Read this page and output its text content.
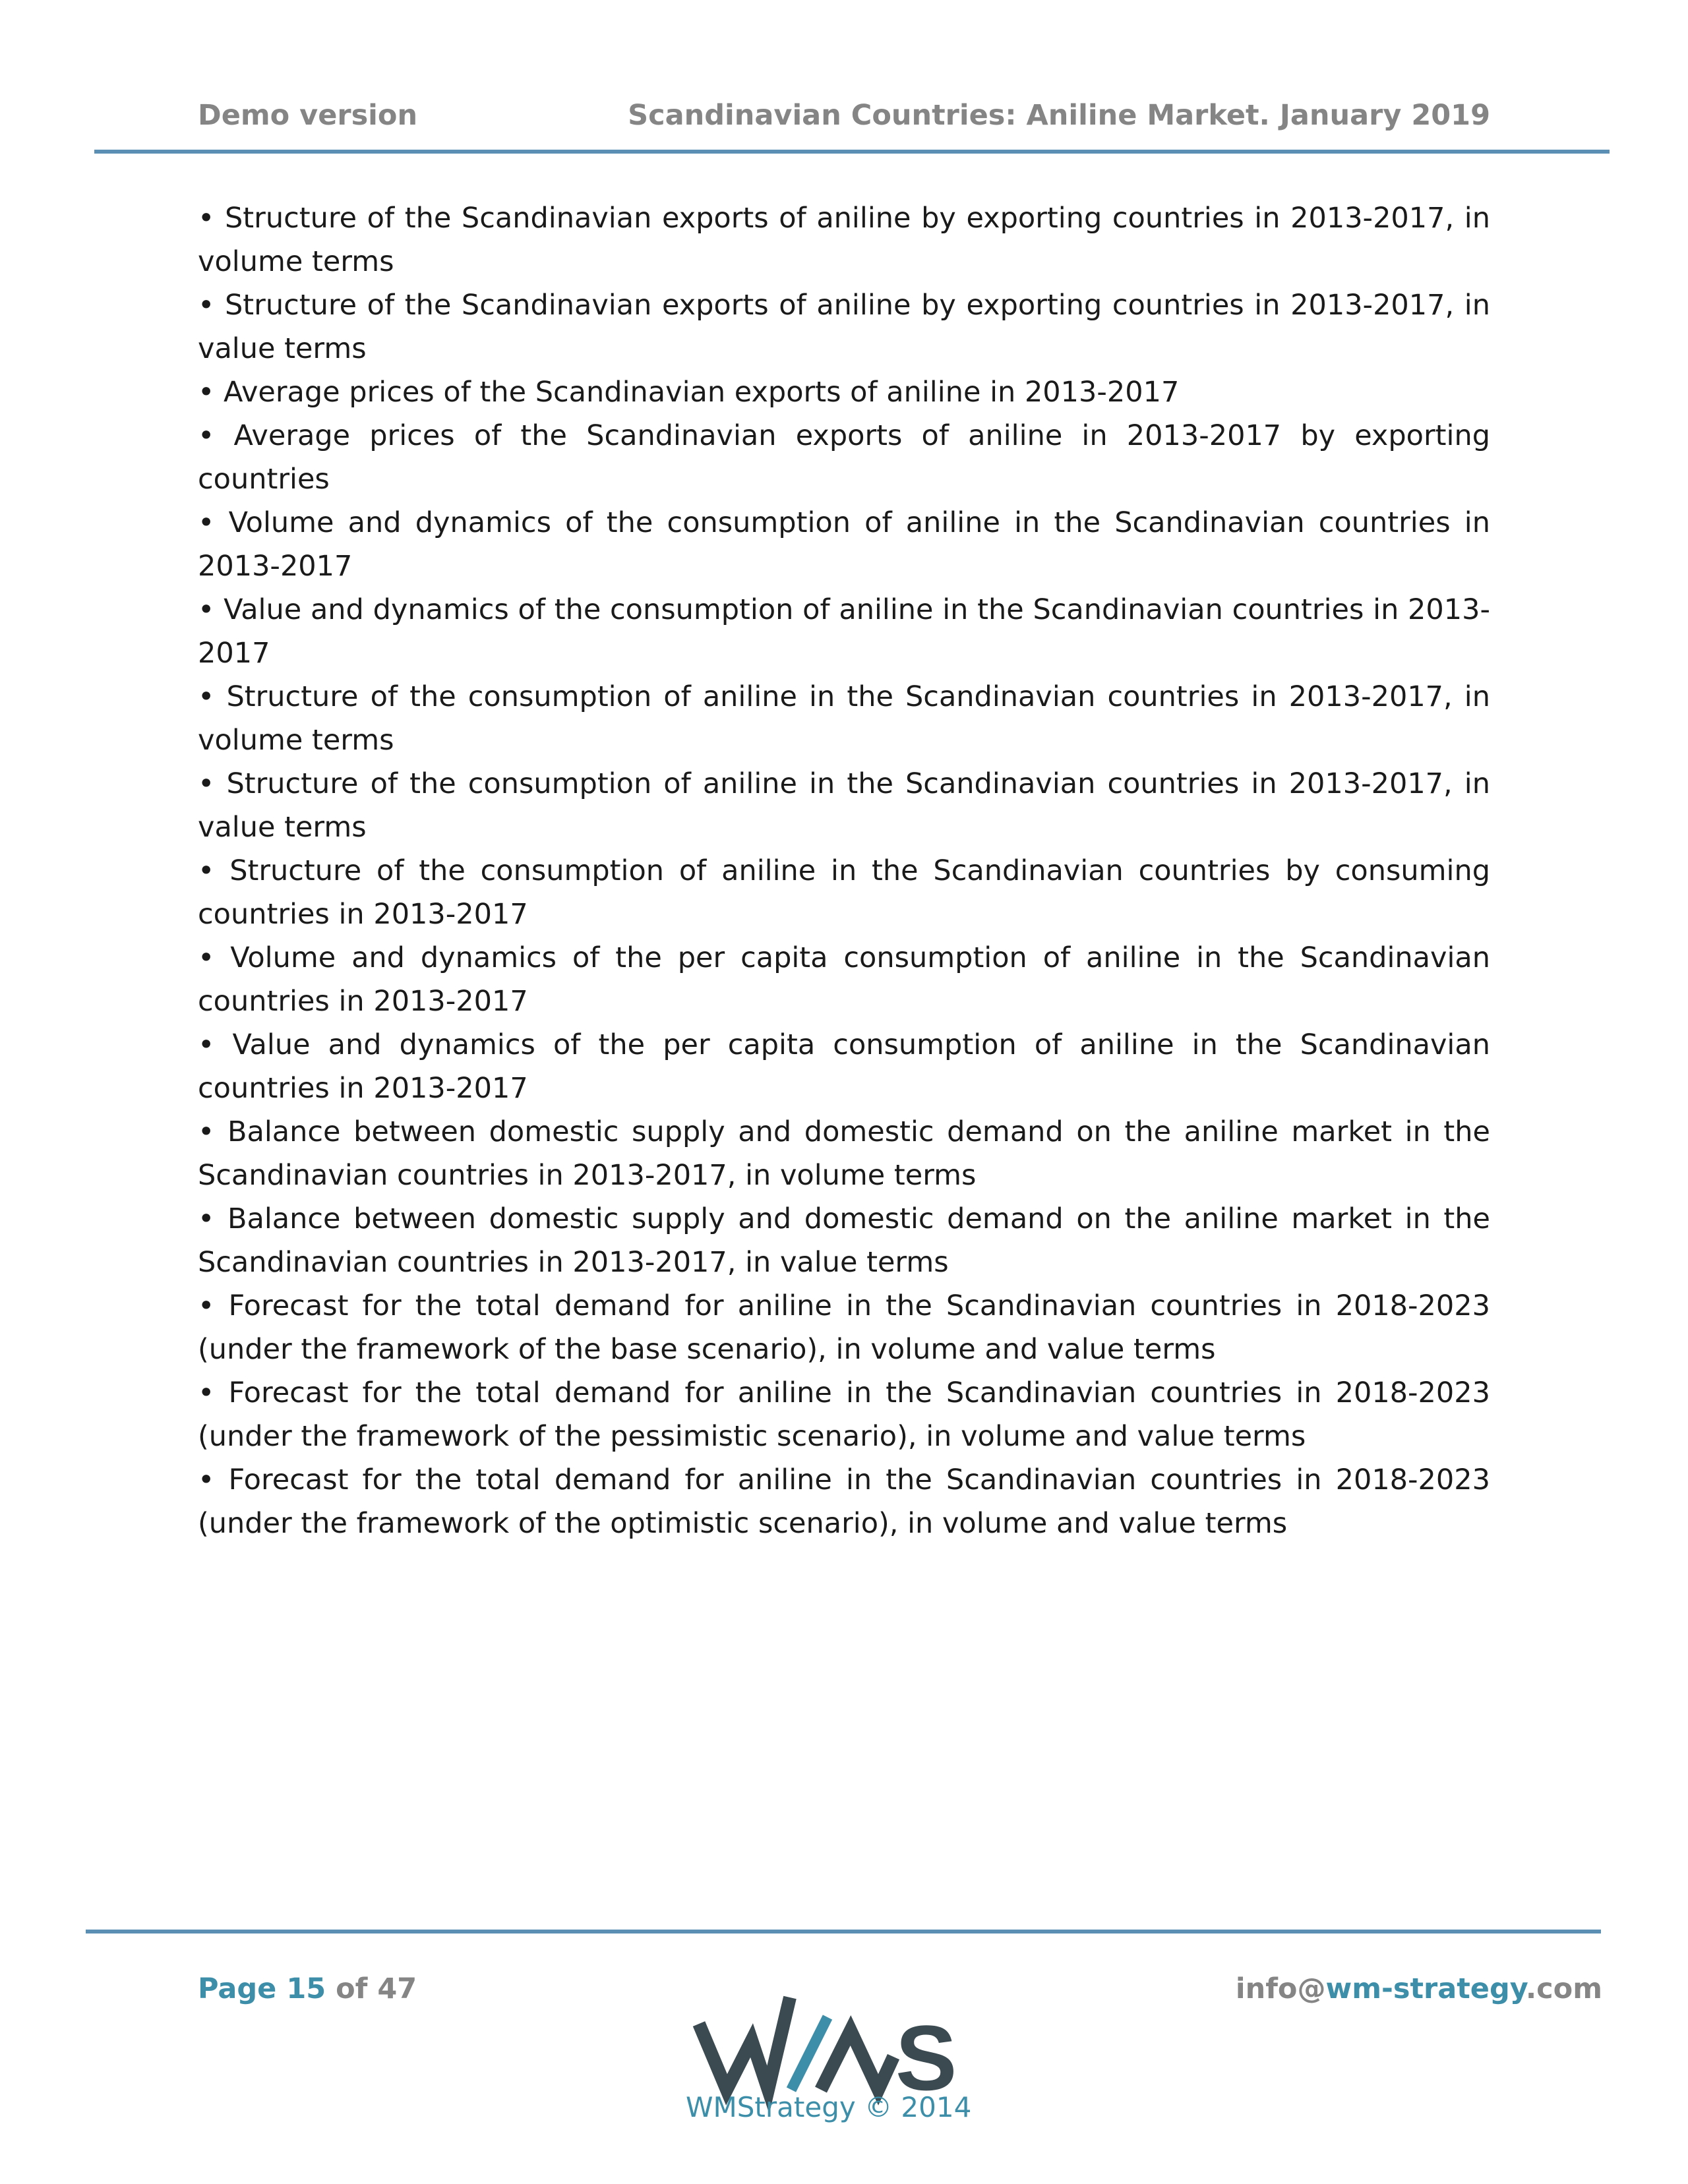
Demo version	Scandinavian Countries: Aniline Market. January 2019

• Structure of the Scandinavian exports of aniline by exporting countries in 2013-2017, in volume terms

• Structure of the Scandinavian exports of aniline by exporting countries in 2013-2017, in value terms

• Average prices of the Scandinavian exports of aniline in 2013-2017

• Average prices of the Scandinavian exports of aniline in 2013-2017 by exporting countries

• Volume and dynamics of the consumption of aniline in the Scandinavian countries in 2013-2017

• Value and dynamics of the consumption of aniline in the Scandinavian countries in 2013-2017

• Structure of the consumption of aniline in the Scandinavian countries in 2013-2017, in volume terms

• Structure of the consumption of aniline in the Scandinavian countries in 2013-2017, in value terms

• Structure of the consumption of aniline in the Scandinavian countries by consuming countries in 2013-2017

• Volume and dynamics of the per capita consumption of aniline in the Scandinavian countries in 2013-2017

• Value and dynamics of the per capita consumption of aniline in the Scandinavian countries in 2013-2017

• Balance between domestic supply and domestic demand on the aniline market in the Scandinavian countries in 2013-2017, in volume terms

• Balance between domestic supply and domestic demand on the aniline market in the Scandinavian countries in 2013-2017, in value terms

• Forecast for the total demand for aniline in the Scandinavian countries in 2018-2023 (under the framework of the base scenario), in volume and value terms

• Forecast for the total demand for aniline in the Scandinavian countries in 2018-2023 (under the framework of the pessimistic scenario), in volume and value terms

• Forecast for the total demand for aniline in the Scandinavian countries in 2018-2023 (under the framework of the optimistic scenario), in volume and value terms

Page 15 of 47	info@wm-strategy.com
S
WMStrategy © 2014
